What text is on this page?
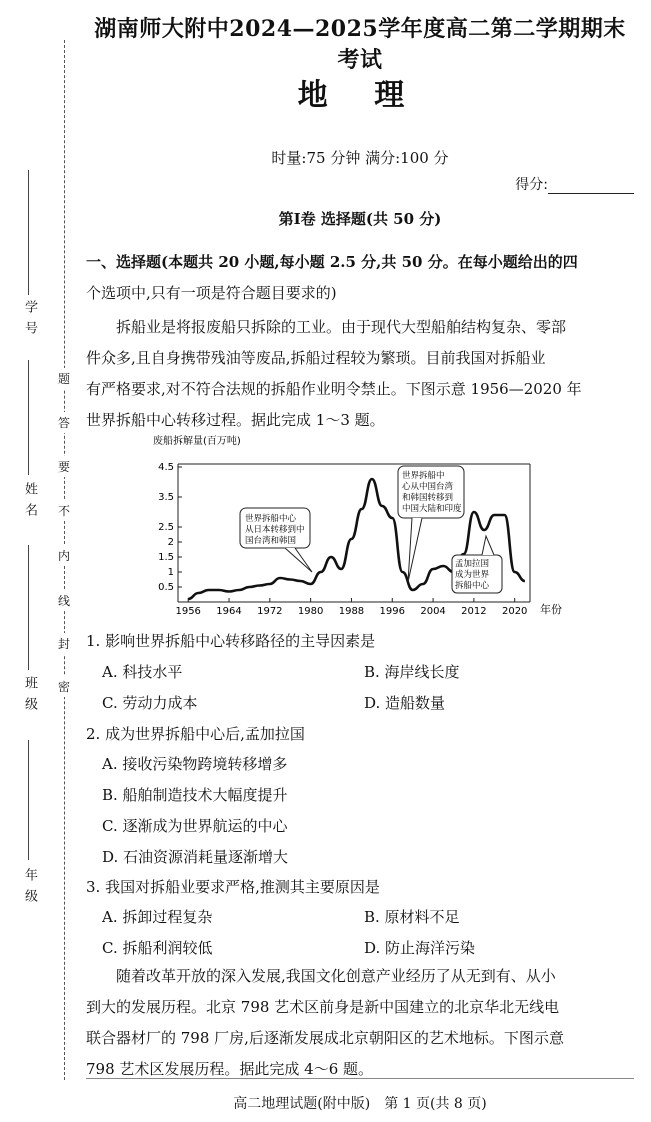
学 号
姓 名
班 级
年 级
题
答
要
不
内
线
封
密
湖南师大附中2024—2025学年度高二第二学期期末考试
地 理
时量:75 分钟 满分:100 分
得分:
第Ⅰ卷 选择题(共 50 分)
一、选择题(本题共 20 小题,每小题 2.5 分,共 50 分。在每小题给出的四
个选项中,只有一项是符合题目要求的)
　　拆船业是将报废船只拆除的工业。由于现代大型船舶结构复杂、零部
件众多,且自身携带残油等废品,拆船过程较为繁琐。目前我国对拆船业
有严格要求,对不符合法规的拆船作业明令禁止。下图示意 1956—2020 年
世界拆船中心转移过程。据此完成 1～3 题。
废船拆解量(百万吨)
年份
1956 1964 1972 1980 1988 1996 2004 2012 2020
0.5
1
1.5
2
2.5
3.5
4.5
世界拆船中心从日本转移到中国台湾和韩国
世界拆船中心从中国台湾和韩国转移到中国大陆和印度
孟加拉国成为世界拆船中心
1. 影响世界拆船中心转移路径的主导因素是
A. 科技水平	B. 海岸线长度
C. 劳动力成本	D. 造船数量
2. 成为世界拆船中心后,孟加拉国
A. 接收污染物跨境转移增多
B. 船舶制造技术大幅度提升
C. 逐渐成为世界航运的中心
D. 石油资源消耗量逐渐增大
3. 我国对拆船业要求严格,推测其主要原因是
A. 拆卸过程复杂	B. 原材料不足
C. 拆船利润较低	D. 防止海洋污染
　　随着改革开放的深入发展,我国文化创意产业经历了从无到有、从小
到大的发展历程。北京 798 艺术区前身是新中国建立的北京华北无线电
联合器材厂的 798 厂房,后逐渐发展成北京朝阳区的艺术地标。下图示意
798 艺术区发展历程。据此完成 4～6 题。
高二地理试题(附中版)　第 1 页(共 8 页)
